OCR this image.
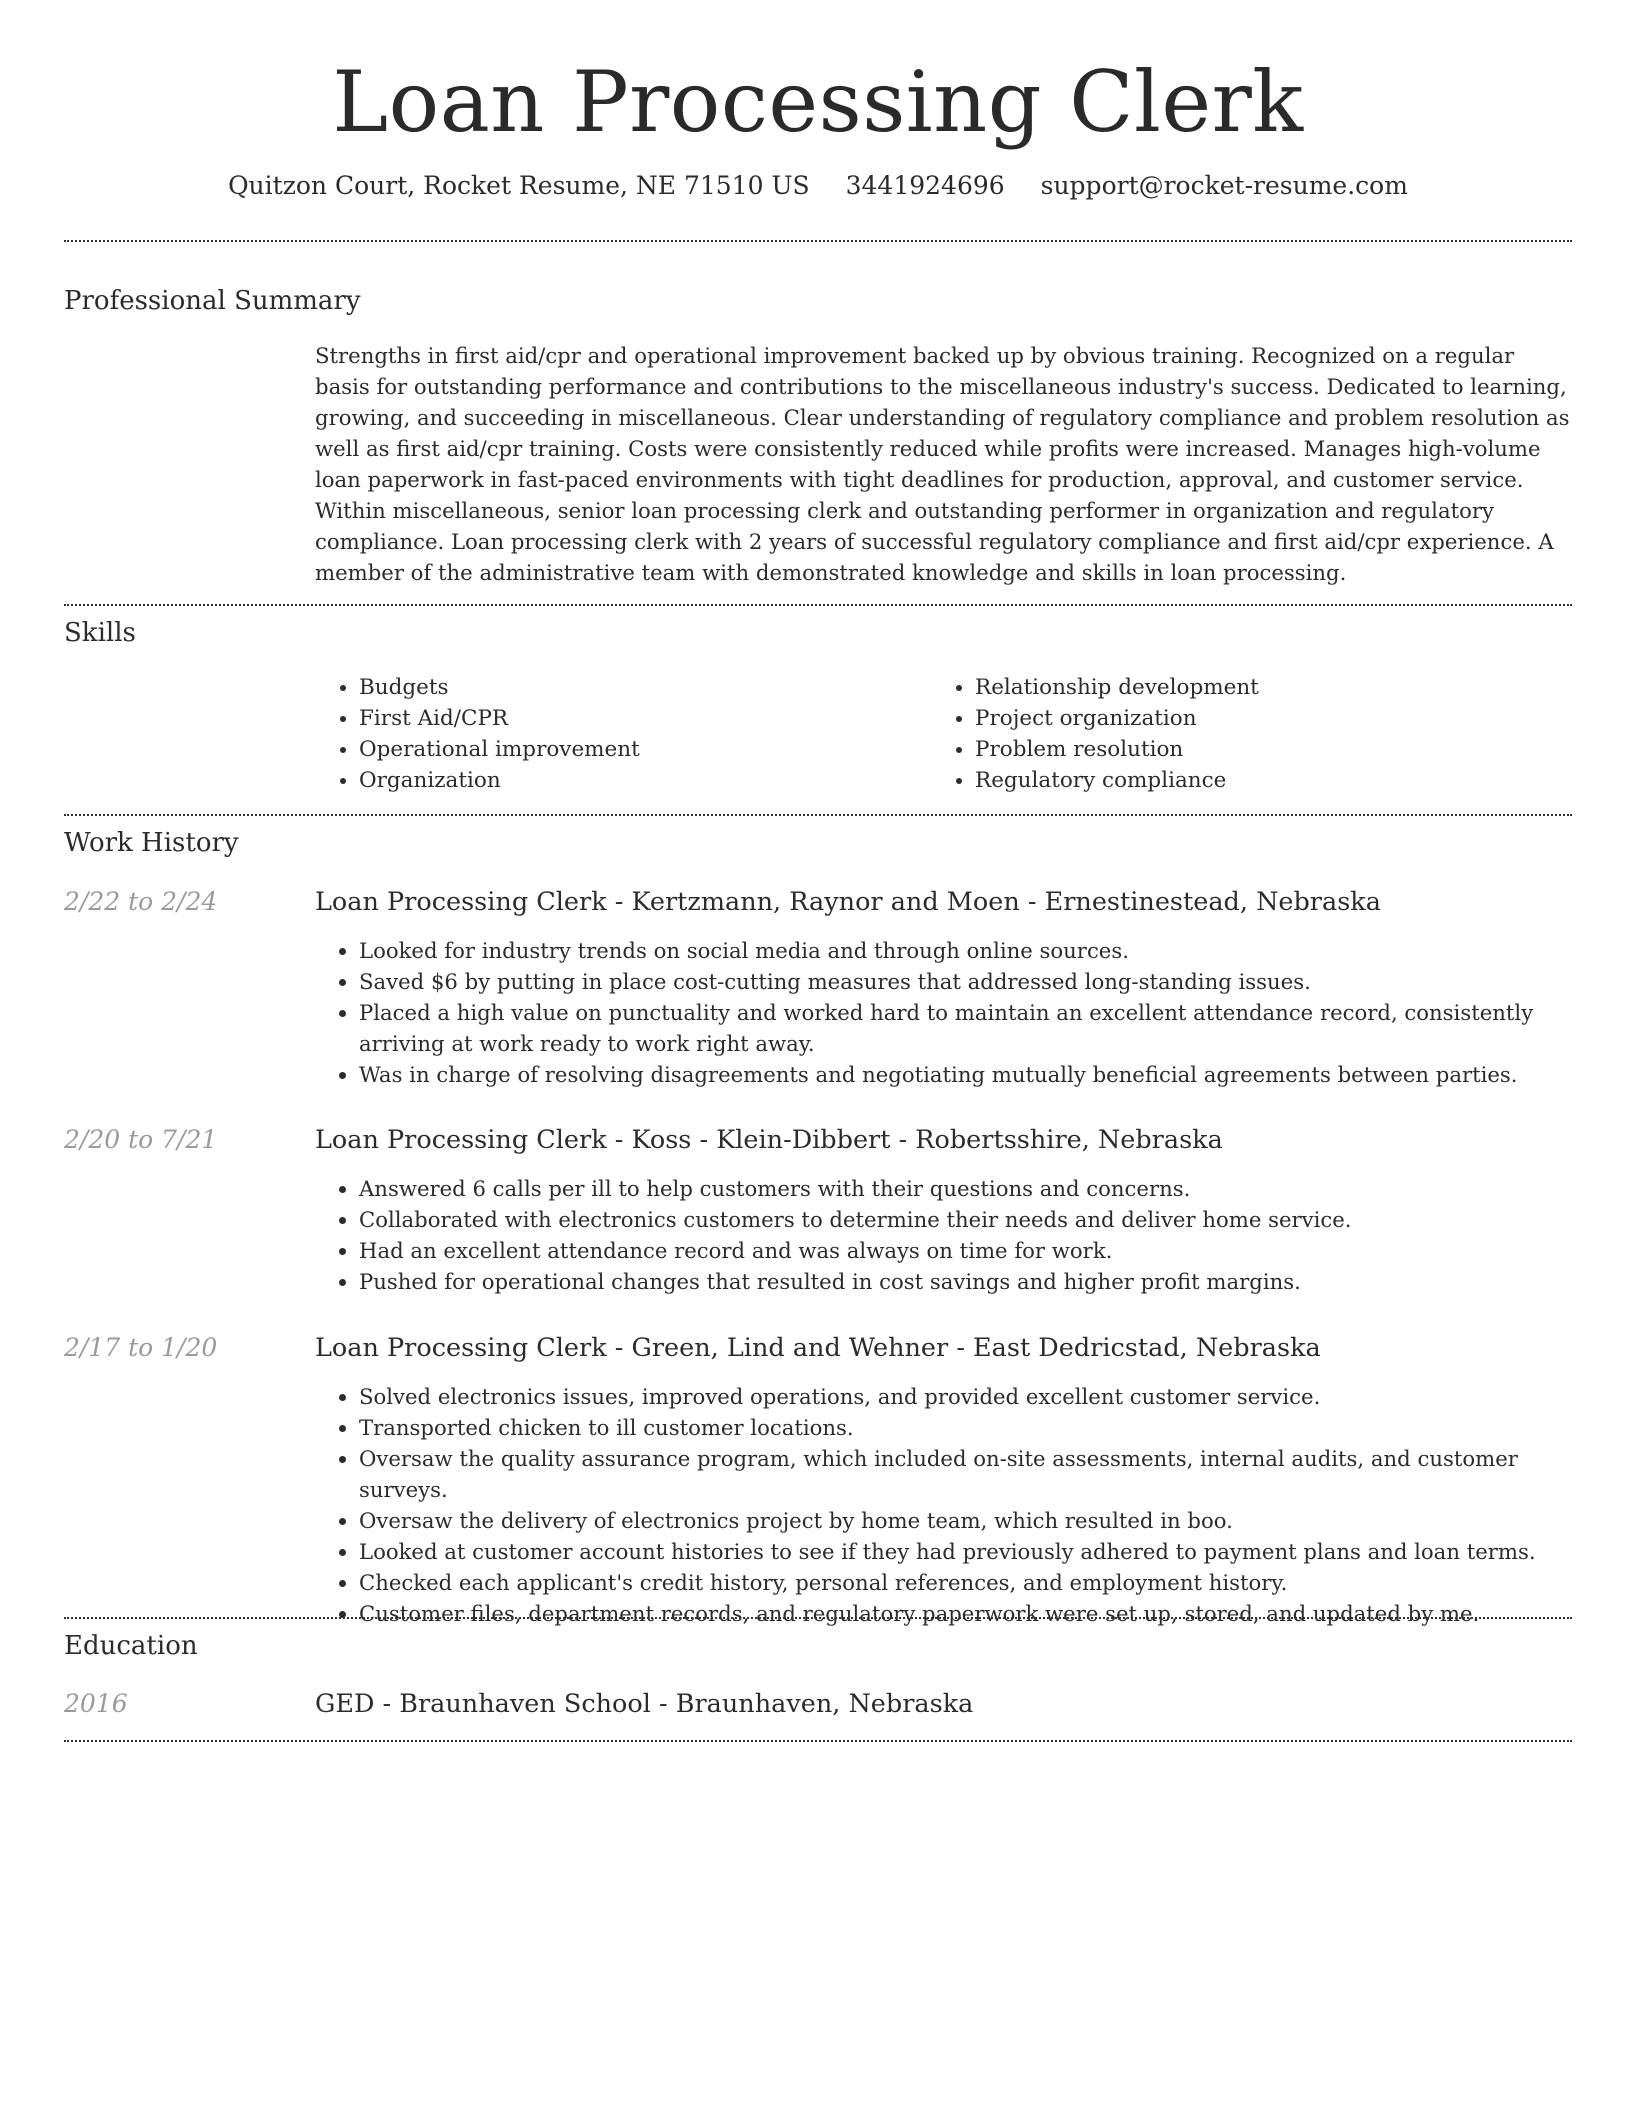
Loan Processing Clerk
Quitzon Court, Rocket Resume, NE 71510 US 3441924696 support@rocket-resume.com
Professional Summary

Strengths in first aid/cpr and operational improvement backed up by obvious training. Recognized on a regular basis for outstanding performance and contributions to the miscellaneous industry's success. Dedicated to learning, growing, and succeeding in miscellaneous. Clear understanding of regulatory compliance and problem resolution as well as first aid/cpr training. Costs were consistently reduced while profits were increased. Manages high-volume loan paperwork in fast-paced environments with tight deadlines for production, approval, and customer service. Within miscellaneous, senior loan processing clerk and outstanding performer in organization and regulatory compliance. Loan processing clerk with 2 years of successful regulatory compliance and first aid/cpr experience. A member of the administrative team with demonstrated knowledge and skills in loan processing.

Skills
• Budgets
• First Aid/CPR
• Operational improvement
• Organization
• Relationship development
• Project organization
• Problem resolution
• Regulatory compliance
Work History
2/22 to 2/24	Loan Processing Clerk - Kertzmann, Raynor and Moen - Ernestinestead, Nebraska
• Looked for industry trends on social media and through online sources.
• Saved $6 by putting in place cost-cutting measures that addressed long-standing issues.
• Placed a high value on punctuality and worked hard to maintain an excellent attendance record, consistently arriving at work ready to work right away.
• Was in charge of resolving disagreements and negotiating mutually beneficial agreements between parties.
2/20 to 7/21	Loan Processing Clerk - Koss - Klein-Dibbert - Robertsshire, Nebraska
• Answered 6 calls per ill to help customers with their questions and concerns.
• Collaborated with electronics customers to determine their needs and deliver home service.
• Had an excellent attendance record and was always on time for work.
• Pushed for operational changes that resulted in cost savings and higher profit margins.
2/17 to 1/20	Loan Processing Clerk - Green, Lind and Wehner - East Dedricstad, Nebraska
• Solved electronics issues, improved operations, and provided excellent customer service.
• Transported chicken to ill customer locations.
• Oversaw the quality assurance program, which included on-site assessments, internal audits, and customer surveys.
• Oversaw the delivery of electronics project by home team, which resulted in boo.
• Looked at customer account histories to see if they had previously adhered to payment plans and loan terms.
• Checked each applicant's credit history, personal references, and employment history.
• Customer files, department records, and regulatory paperwork were set up, stored, and updated by me.
Education
2016	GED - Braunhaven School - Braunhaven, Nebraska
